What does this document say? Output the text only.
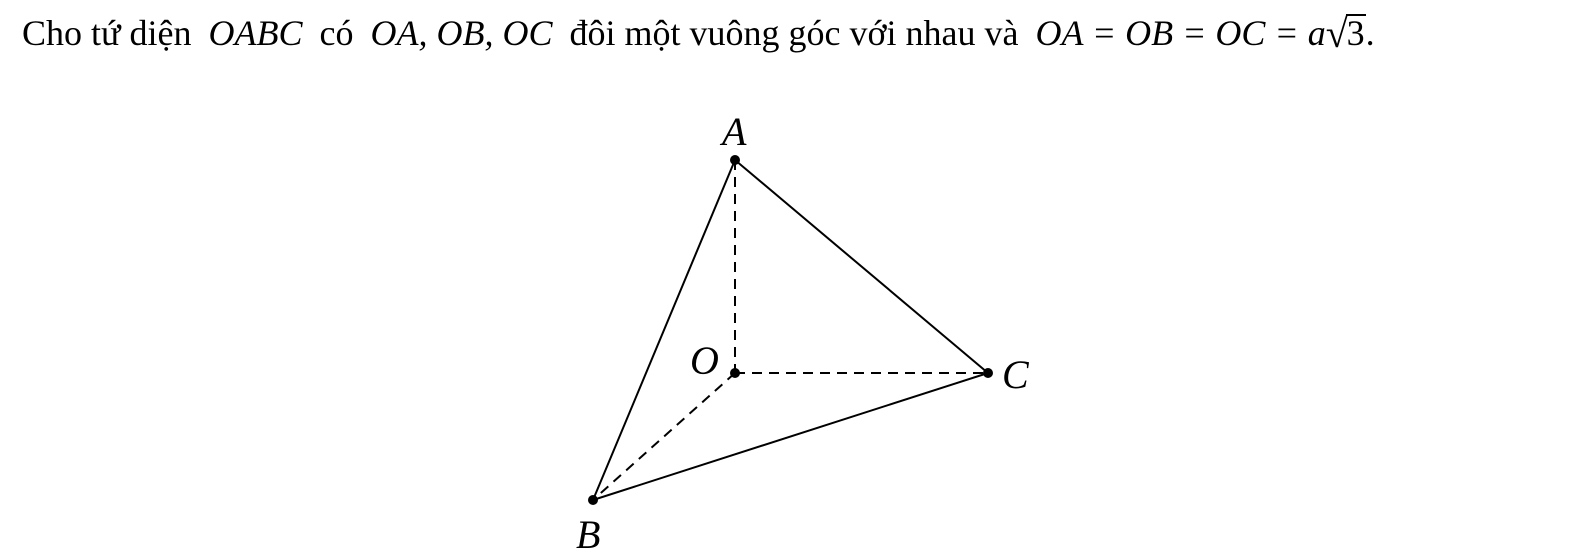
Cho tứ diện OABC có OA, OB, OC đôi một vuông góc với nhau và OA = OB = OC = a√3.
A
O	C
B
